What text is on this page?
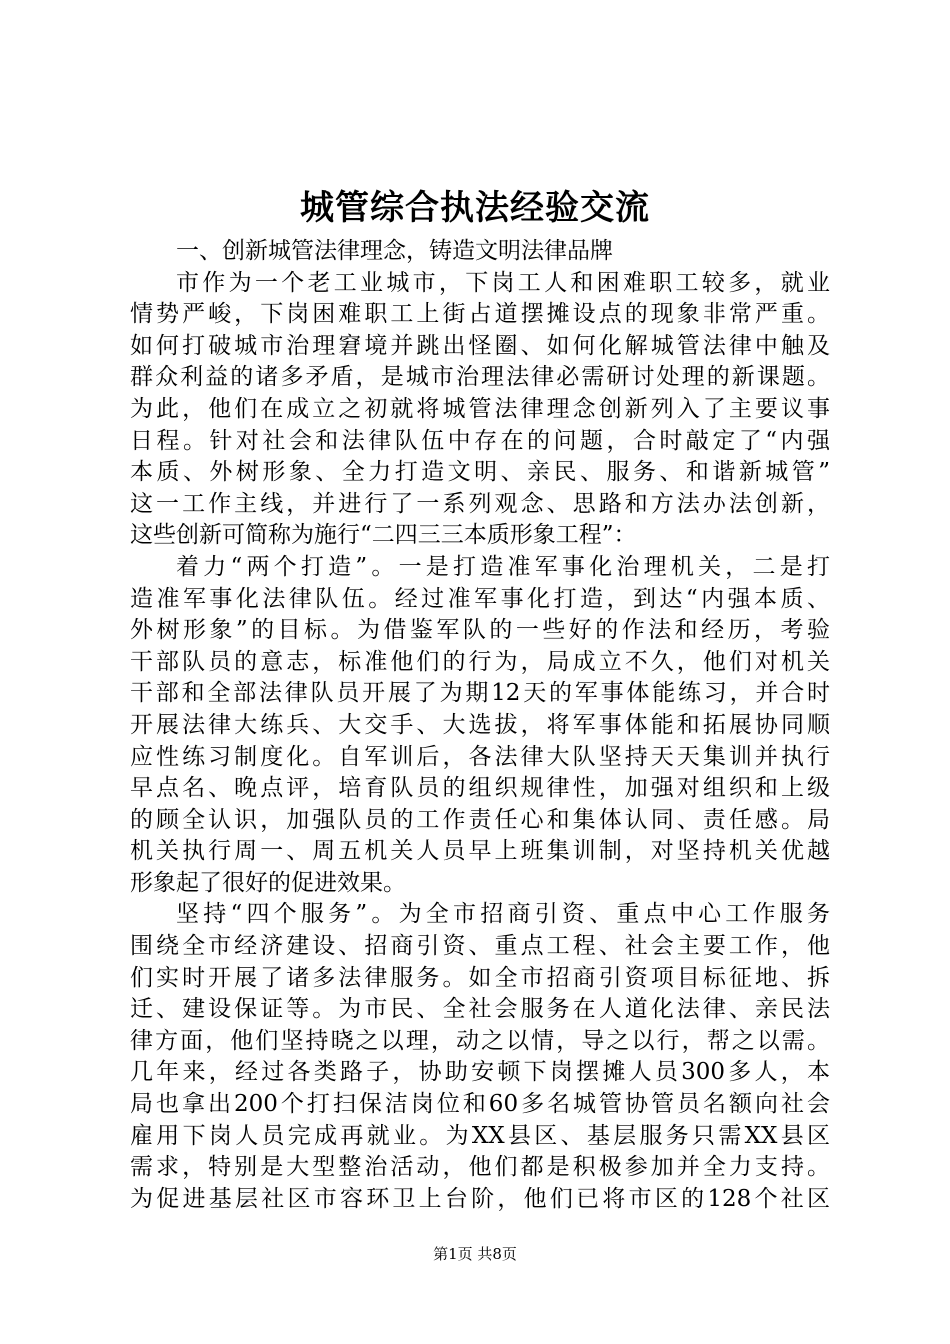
城管综合执法经验交流
一、创新城管法律理念，铸造文明法律品牌
市作为一个老工业城市，下岗工人和困难职工较多，就业
情势严峻，下岗困难职工上街占道摆摊设点的现象非常严重。
如何打破城市治理窘境并跳出怪圈、如何化解城管法律中触及
群众利益的诸多矛盾，是城市治理法律必需研讨处理的新课题。
为此，他们在成立之初就将城管法律理念创新列入了主要议事
日程。针对社会和法律队伍中存在的问题，合时敲定了“内强
本质、外树形象、全力打造文明、亲民、服务、和谐新城管”
这一工作主线，并进行了一系列观念、思路和方法办法创新，
这些创新可简称为施行“二四三三本质形象工程”：
着力“两个打造”。一是打造准军事化治理机关，二是打
造准军事化法律队伍。经过准军事化打造，到达“内强本质、
外树形象”的目标。为借鉴军队的一些好的作法和经历，考验
干部队员的意志，标准他们的行为，局成立不久，他们对机关
干部和全部法律队员开展了为期12天的军事体能练习，并合时
开展法律大练兵、大交手、大选拔，将军事体能和拓展协同顺
应性练习制度化。自军训后，各法律大队坚持天天集训并执行
早点名、晚点评，培育队员的组织规律性，加强对组织和上级
的顾全认识，加强队员的工作责任心和集体认同、责任感。局
机关执行周一、周五机关人员早上班集训制，对坚持机关优越
形象起了很好的促进效果。
坚持“四个服务”。为全市招商引资、重点中心工作服务
围绕全市经济建设、招商引资、重点工程、社会主要工作，他
们实时开展了诸多法律服务。如全市招商引资项目标征地、拆
迁、建设保证等。为市民、全社会服务在人道化法律、亲民法
律方面，他们坚持晓之以理，动之以情，导之以行，帮之以需。
几年来，经过各类路子，协助安顿下岗摆摊人员300多人，本
局也拿出200个打扫保洁岗位和60多名城管协管员名额向社会
雇用下岗人员完成再就业。为XX县区、基层服务只需XX县区
需求，特别是大型整治活动，他们都是积极参加并全力支持。
为促进基层社区市容环卫上台阶，他们已将市区的128个社区
第1页 共8页
